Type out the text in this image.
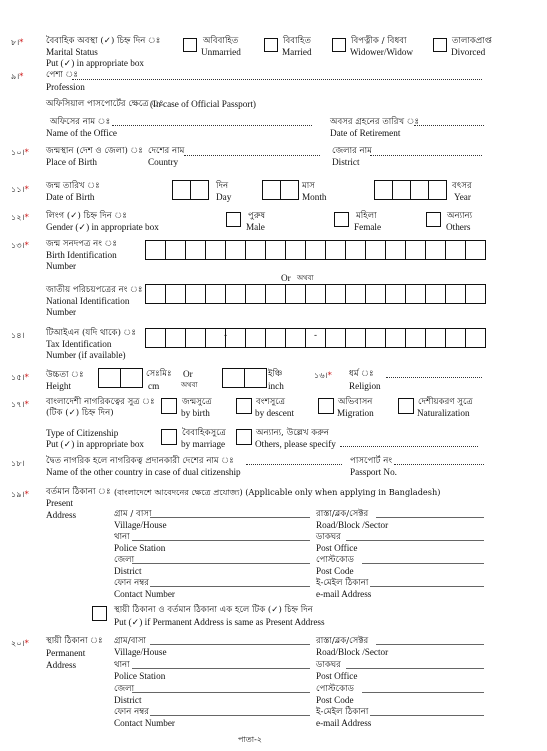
৮।*	বৈবাহিক অবস্থা (✓) চিহ্ন দিন ঃ
Marital Status
Put (✓) in appropriate box
অবিবাহিত
Unmarried
বিবাহিত
Married
বিপত্নীক / বিধবা
Widower/Widow
তালাকপ্রাপ্ত
Divorced
৯।*	পেশা ঃ
Profession
অফিসিয়াল পাসপোর্টের ক্ষেত্রে ঃ
(In case of Official Passport)
অফিসের নাম ঃ
Name of the Office
অবসর গ্রহনের তারিখ ঃ
Date of Retirement
১০।* জন্মস্থান (দেশ ও জেলা) ঃ
Place of Birth
দেশের নাম
Country
জেলার নাম
District
১১।* জন্ম তারিখ ঃ
Date of Birth
দিন
Day
মাস
Month
বৎসর
Year
১২।* লিংগ (✓) চিহ্ন দিন ঃ
Gender (✓) in appropriate box
পুরুষ
Male
মহিলা
Female
অন্যান্য
Others
১৩।* জন্ম সনদপত্র নং ঃ
Birth Identification
Number
Or অথবা
জাতীয় পরিচয়পত্রের নং ঃ
National Identification
Number
১৪। টিআইএন (যদি থাকে) ঃ
Tax Identification
Number (if available)
-	-
১৫।* উচ্চতা ঃ
Height
সেঃমিঃ
cm
Or
অথবা
ইঞ্চি
inch
১৬।* ধর্ম ঃ
Religion
১৭।* বাংলাদেশী নাগরিকত্বের সুত্র ঃ
(টিক (✓) চিহ্ন দিন)
জন্মসুত্রে
by birth
বংশসুত্রে
by descent
অভিবাসন
Migration
দেশীয়করণ সুত্রে
Naturalization
Type of Citizenship
Put (✓) in appropriate box
বৈবাহিকসুত্রে
by marriage
অন্যান্য, উল্লেখ করুন
Others, please specify
১৮। দ্বৈত নাগরিক হলে নাগরিকত্ব প্রদানকারী দেশের নাম ঃ
Name of the other country in case of dual citizenship
পাসপোর্ট নং
Passport No.
১৯।* বর্তমান ঠিকানা ঃ
Present
Address
(বাংলাদেশে আবেদনের ক্ষেত্রে প্রযোজ্য) (Applicable only when applying in Bangladesh)
গ্রাম / বাসা
Village/House
রাস্তা/ব্লক/সেক্টর
Road/Block /Sector
থানা
Police Station
ডাকঘর
Post Office
জেলা
District
পোস্টকোড
Post Code
ফোন নম্বর
Contact Number
ই-মেইল ঠিকানা
e-mail Address
স্থায়ী ঠিকানা ও বর্তমান ঠিকানা এক হলে টিক (✓) চিহ্ন দিন
Put (✓) if Permanent Address is same as Present Address
২০।* স্থায়ী ঠিকানা ঃ
Permanent
Address
গ্রাম/বাসা
Village/House
রাস্তা/ব্লক/সেক্টর
Road/Block /Sector
থানা
Police Station
ডাকঘর
Post Office
জেলা
District
পোস্টকোড
Post Code
ফোন নম্বর
Contact Number
ই-মেইল ঠিকানা
e-mail Address
পাতা-২
